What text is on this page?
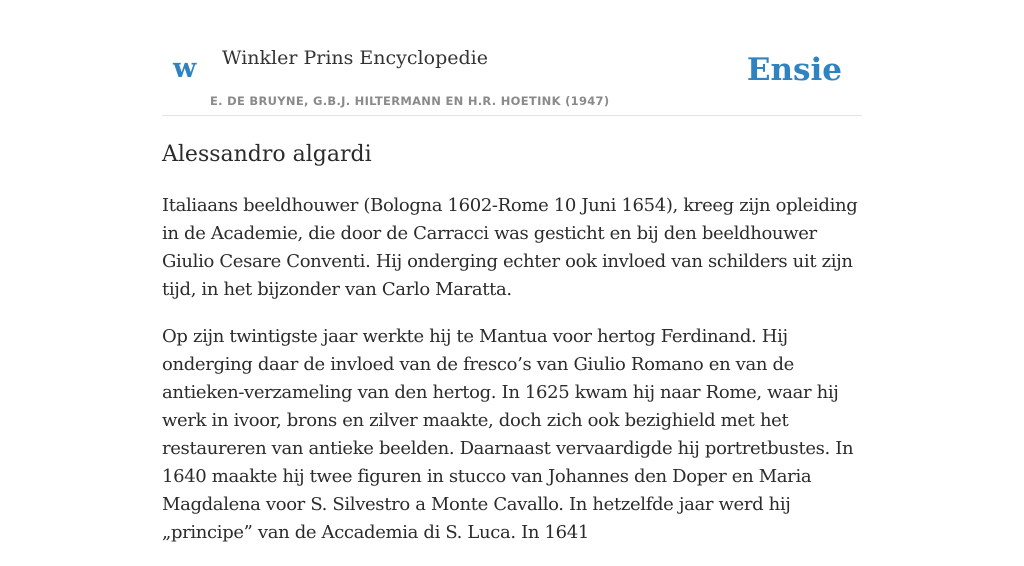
w Winkler Prins Encyclopedie
E. DE BRUYNE, G.B.J. HILTERMANN EN H.R. HOETINK (1947)
Ensie
Alessandro algardi

Italiaans beeldhouwer (Bologna 1602-Rome 10 Juni 1654), kreeg zijn opleiding in de Academie, die door de Carracci was gesticht en bij den beeldhouwer Giulio Cesare Conventi. Hij onderging echter ook invloed van schilders uit zijn tijd, in het bijzonder van Carlo Maratta.

Op zijn twintigste jaar werkte hij te Mantua voor hertog Ferdinand. Hij onderging daar de invloed van de fresco’s van Giulio Romano en van de antieken-verzameling van den hertog. In 1625 kwam hij naar Rome, waar hij werk in ivoor, brons en zilver maakte, doch zich ook bezighield met het restaureren van antieke beelden. Daarnaast vervaardigde hij portretbustes. In 1640 maakte hij twee figuren in stucco van Johannes den Doper en Maria Magdalena voor S. Silvestro a Monte Cavallo. In hetzelfde jaar werd hij „principe” van de Accademia di S. Luca. In 1641
